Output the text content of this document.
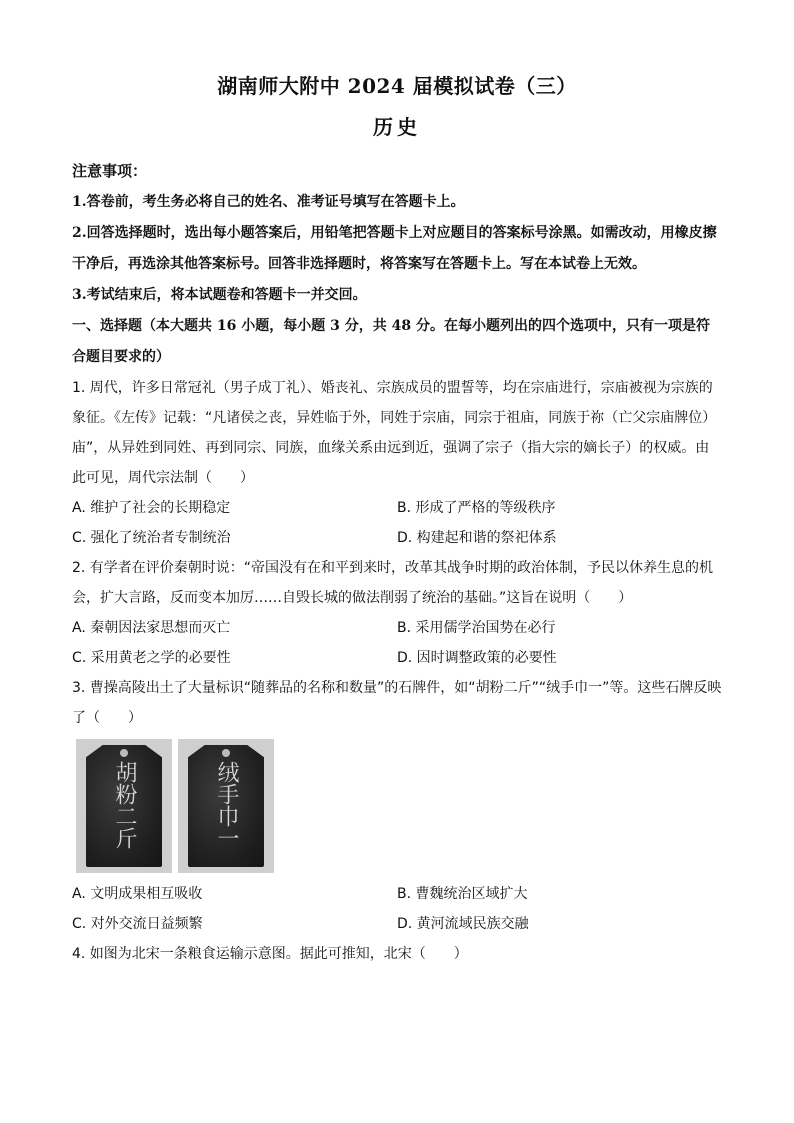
湖南师大附中 2024 届模拟试卷（三）
历史
注意事项：

1.答卷前，考生务必将自己的姓名、准考证号填写在答题卡上。

2.回答选择题时，选出每小题答案后，用铅笔把答题卡上对应题目的答案标号涂黑。如需改动，用橡皮擦干净后，再选涂其他答案标号。回答非选择题时，将答案写在答题卡上。写在本试卷上无效。

3.考试结束后，将本试题卷和答题卡一并交回。

一、选择题（本大题共 16 小题，每小题 3 分，共 48 分。在每小题列出的四个选项中，只有一项是符合题目要求的）

1. 周代，许多日常冠礼（男子成丁礼）、婚丧礼、宗族成员的盟誓等，均在宗庙进行，宗庙被视为宗族的象征。《左传》记载：“凡诸侯之丧，异姓临于外，同姓于宗庙，同宗于祖庙，同族于祢（亡父宗庙牌位）庙”，从异姓到同姓、再到同宗、同族，血缘关系由远到近，强调了宗子（指大宗的嫡长子）的权威。由此可见，周代宗法制（　　）

A. 维护了社会的长期稳定	B. 形成了严格的等级秩序
C. 强化了统治者专制统治	D. 构建起和谐的祭祀体系

2. 有学者在评价秦朝时说：“帝国没有在和平到来时，改革其战争时期的政治体制，予民以休养生息的机会，扩大言路，反而变本加厉……自毁长城的做法削弱了统治的基础。”这旨在说明（　　）

A. 秦朝因法家思想而灭亡	B. 采用儒学治国势在必行
C. 采用黄老之学的必要性	D. 因时调整政策的必要性

3. 曹操高陵出土了大量标识“随葬品的名称和数量”的石牌件，如“胡粉二斤”“绒手巾一”等。这些石牌反映了（　　）

胡粉二斤	绒手巾一
A. 文明成果相互吸收	B. 曹魏统治区域扩大
C. 对外交流日益频繁	D. 黄河流域民族交融

4. 如图为北宋一条粮食运输示意图。据此可推知，北宋（　　）
